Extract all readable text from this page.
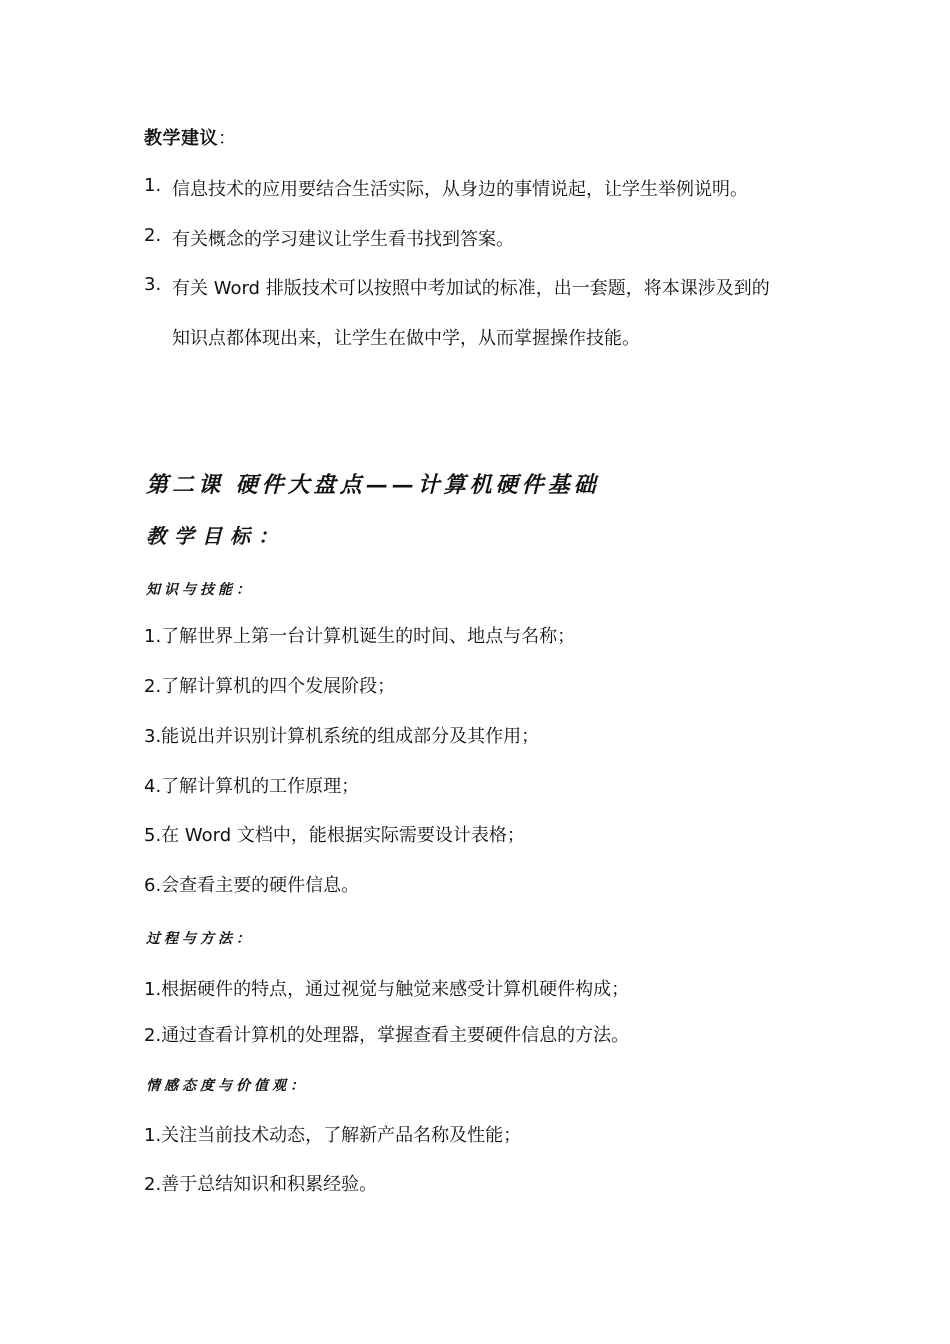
教学建议：
1. 信息技术的应用要结合生活实际，从身边的事情说起，让学生举例说明。
2. 有关概念的学习建议让学生看书找到答案。
3. 有关 Word 排版技术可以按照中考加试的标准，出一套题，将本课涉及到的
知识点都体现出来，让学生在做中学，从而掌握操作技能。
第二课 硬件大盘点——计算机硬件基础
教学目标：
知识与技能：
1.了解世界上第一台计算机诞生的时间、地点与名称；
2.了解计算机的四个发展阶段；
3.能说出并识别计算机系统的组成部分及其作用；
4.了解计算机的工作原理；
5.在 Word 文档中，能根据实际需要设计表格；
6.会查看主要的硬件信息。
过程与方法：
1.根据硬件的特点，通过视觉与触觉来感受计算机硬件构成；
2.通过查看计算机的处理器，掌握查看主要硬件信息的方法。
情感态度与价值观：
1.关注当前技术动态，了解新产品名称及性能；
2.善于总结知识和积累经验。
